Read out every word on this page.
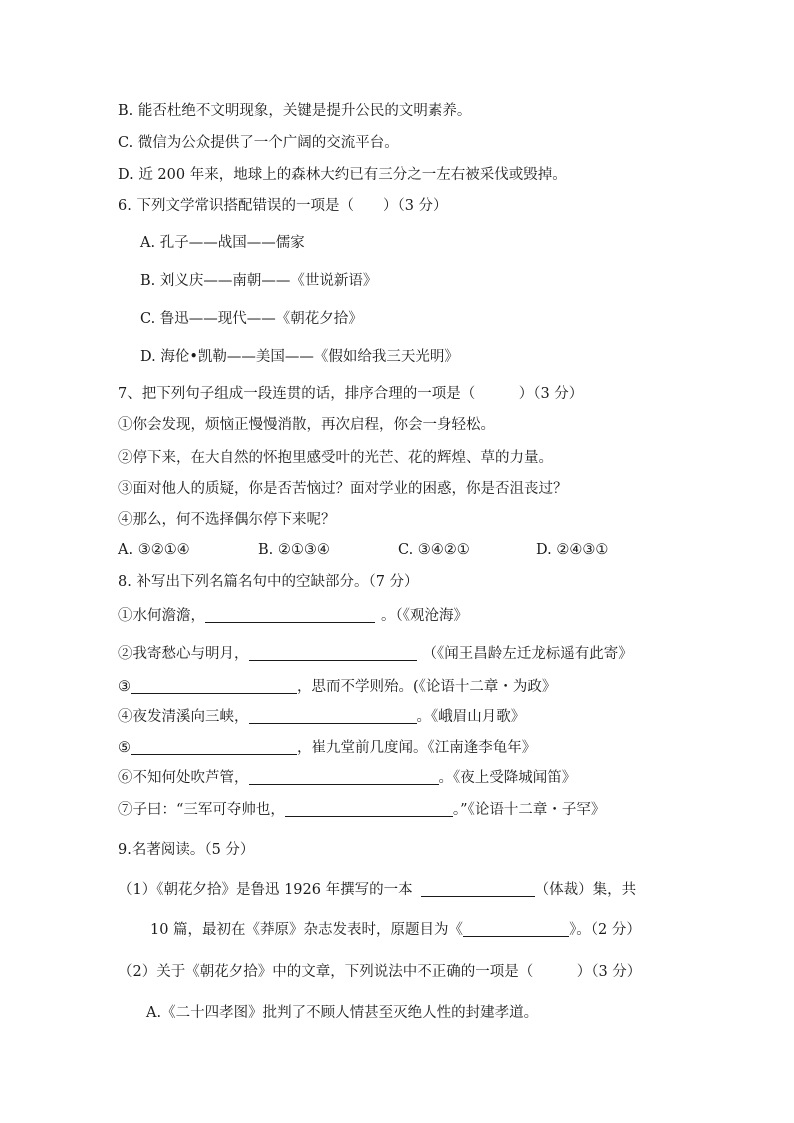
B. 能否杜绝不文明现象，关键是提升公民的文明素养。
C. 微信为公众提供了一个广阔的交流平台。
D. 近 200 年来，地球上的森林大约已有三分之一左右被采伐或毁掉。
6. 下列文学常识搭配错误的一项是（　　）（3 分）
A. 孔子——战国——儒家
B. 刘义庆——南朝——《世说新语》
C. 鲁迅——现代——《朝花夕拾》
D. 海伦•凯勒——美国——《假如给我三天光明》
7、把下列句子组成一段连贯的话，排序合理的一项是（　　　）（3 分）
①你会发现，烦恼正慢慢消散，再次启程，你会一身轻松。
②停下来，在大自然的怀抱里感受叶的光芒、花的辉煌、草的力量。
③面对他人的质疑，你是否苦恼过？面对学业的困惑，你是否沮丧过？
④那么，何不选择偶尔停下来呢？
A. ③②①④	B. ②①③④	C. ③④②①	D. ②④③①
8. 补写出下列名篇名句中的空缺部分。（7 分）
①水何澹澹，	。（《观沧海》
②我寄愁心与明月，	（《闻王昌龄左迁龙标遥有此寄》
③	，思而不学则殆。(《论语十二章・为政》
④夜发清溪向三峡，	。《峨眉山月歌》
⑤	，崔九堂前几度闻。《江南逢李龟年》
⑥不知何处吹芦管，	。《夜上受降城闻笛》
⑦子曰：“三军可夺帅也，	。”《论语十二章・子罕》
9.名著阅读。（5 分）
（1）《朝花夕拾》是鲁迅 1926 年撰写的一本	（体裁）集，共
10 篇，最初在《莽原》杂志发表时，原题目为《	》。（2 分）
（2）关于《朝花夕拾》中的文章，下列说法中不正确的一项是（　　　）（3 分）
A.《二十四孝图》批判了不顾人情甚至灭绝人性的封建孝道。
